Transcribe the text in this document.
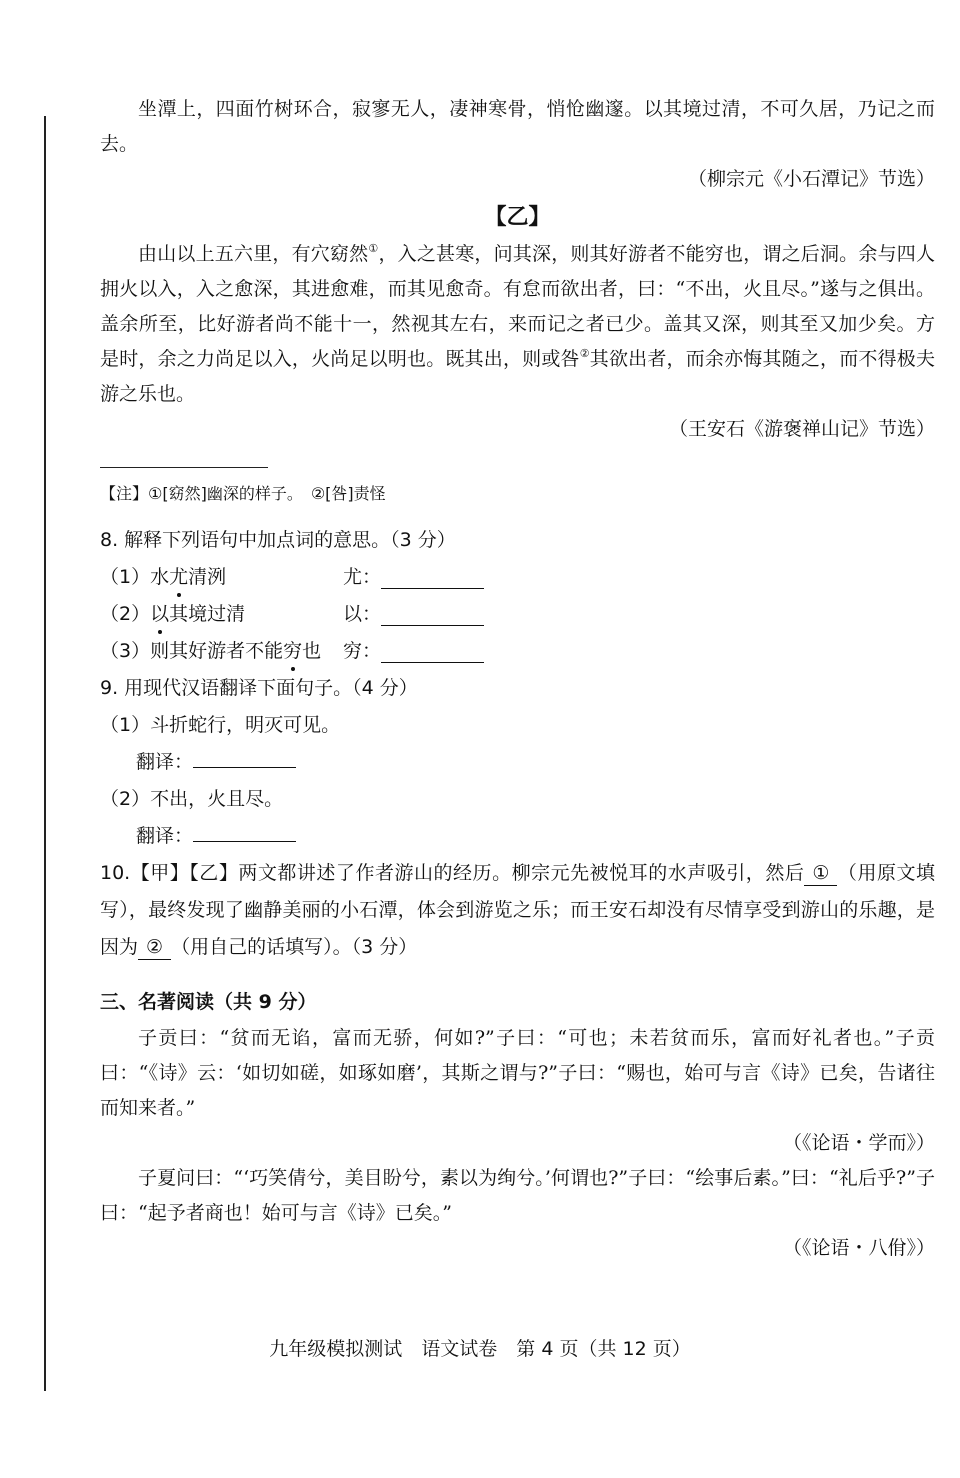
坐潭上，四面竹树环合，寂寥无人，凄神寒骨，悄怆幽邃。以其境过清，不可久居，乃记之而去。

（柳宗元《小石潭记》节选）

【乙】

由山以上五六里，有穴窈然①，入之甚寒，问其深，则其好游者不能穷也，谓之后洞。余与四人拥火以入，入之愈深，其进愈难，而其见愈奇。有怠而欲出者，曰：“不出，火且尽。”遂与之俱出。盖余所至，比好游者尚不能十一，然视其左右，来而记之者已少。盖其又深，则其至又加少矣。方是时，余之力尚足以入，火尚足以明也。既其出，则或咎②其欲出者，而余亦悔其随之，而不得极夫游之乐也。

（王安石《游褒禅山记》节选）

【注】①[窈然]幽深的样子。　②[咎]责怪

8. 解释下列语句中加点词的意思。（3 分）

（1）水尤清洌	尤：
（2）以其境过清	以：
（3）则其好游者不能穷也	穷：

9. 用现代汉语翻译下面句子。（4 分）

（1）斗折蛇行，明灭可见。

翻译：

（2）不出，火且尽。

翻译：

10.【甲】【乙】两文都讲述了作者游山的经历。柳宗元先被悦耳的水声吸引，然后 ① （用原文填写），最终发现了幽静美丽的小石潭，体会到游览之乐；而王安石却没有尽情享受到游山的乐趣，是因为 ② （用自己的话填写）。（3 分）

三、名著阅读（共 9 分）

子贡曰：“贫而无谄，富而无骄，何如?”子曰：“可也；未若贫而乐，富而好礼者也。”子贡曰：“《诗》云：‘如切如磋，如琢如磨’，其斯之谓与?”子曰：“赐也，始可与言《诗》已矣，告诸往而知来者。”

（《论语・学而》）

子夏问曰：“‘巧笑倩兮，美目盼兮，素以为绚兮。’何谓也?”子曰：“绘事后素。”曰：“礼后乎?”子曰：“起予者商也！始可与言《诗》已矣。”

（《论语・八佾》）

九年级模拟测试　语文试卷　第 4 页（共 12 页）
